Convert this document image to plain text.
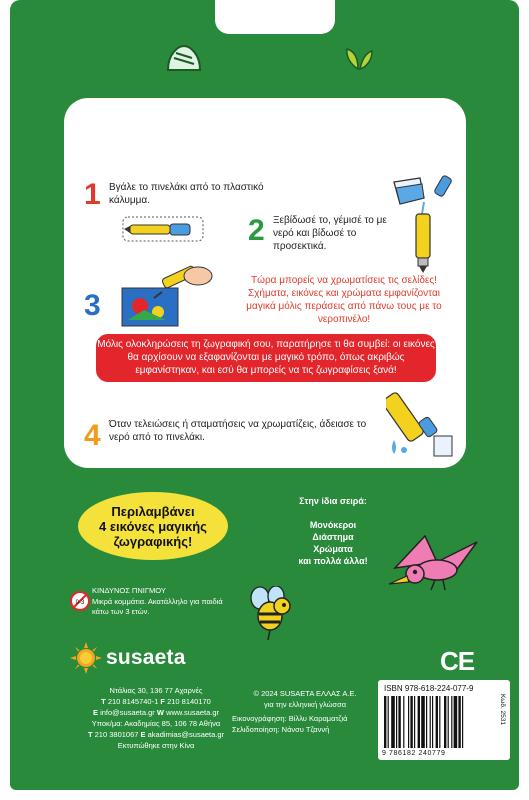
1 Βγάλε το πινελάκι από το πλαστικό κάλυμμα.
2 Ξεβίδωσέ το, γέμισέ το με νερό και βίδωσέ το προσεκτικά.
3
Τώρα μπορείς να χρωματίσεις τις σελίδες! Σχήματα, εικόνες και χρώματα εμφανίζονται μαγικά μόλις περάσεις από πάνω τους με το νεροπινέλο!
Μόλις ολοκληρώσεις τη ζωγραφική σου, παρατήρησε τι θα συμβεί: οι εικόνες θα αρχίσουν να εξαφανίζονται με μαγικό τρόπο, όπως ακριβώς εμφανίστηκαν, και εσύ θα μπορείς να τις ζωγραφίσεις ξανά!
4 Όταν τελειώσεις ή σταματήσεις να χρωματίζεις, άδειασε το νερό από το πινελάκι.
Περιλαμβάνει
4 εικόνες μαγικής
ζωγραφικής!
Στην ίδια σειρά:
Μονόκεροι
Διάστημα
Χρώματα
και πολλά άλλα!
0-3
ΚΙΝΔΥΝΟΣ ΠΝΙΓΜΟΥ
Μικρά κομμάτια. Ακατάλληλο για παιδιά κάτω των 3 ετών.
susaeta
Ντάλιας 30, 136 77 Αχαρνές
T 210 8145740-1 F 210 8140170
E info@susaeta.gr W www.susaeta.gr
Υποκ/μα: Ακαδημίας 85, 106 78 Αθήνα
T 210 3801067 E akadimias@susaeta.gr
Εκτυπώθηκε στην Κίνα
© 2024 SUSAETA ΕΛΛΑΣ Α.Ε.
για την ελληνική γλώσσα
Εικονογράφηση: Βίλλυ Καραματζιά
Σελιδοποίηση: Νάνσυ Τζαννή
CE
ISBN 978-618-224-077-9
9 786182 240779
Κωδ. 2531
